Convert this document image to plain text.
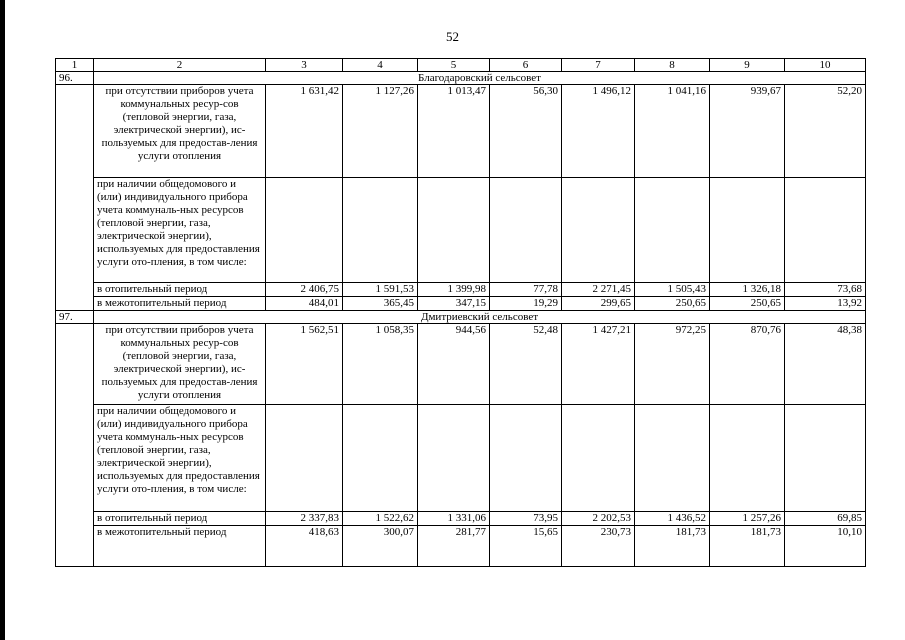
52
1	2	3	4	5	6	7	8	9	10
96.	Благодаровский сельсовет								
	при отсутствии приборов учета коммунальных ресур-сов (тепловой энергии, газа, электрической энергии), ис-пользуемых для предостав-ления услуги отопления	1 631,42	1 127,26	1 013,47	56,30	1 496,12	1 041,16	939,67	52,20
	при наличии общедомового и (или) индивидуального прибора учета коммуналь-ных ресурсов (тепловой энергии, газа, электрической энергии), используемых для предоставления услуги ото-пления, в том числе:								
	в отопительный период	2 406,75	1 591,53	1 399,98	77,78	2 271,45	1 505,43	1 326,18	73,68
	в межотопительный период	484,01	365,45	347,15	19,29	299,65	250,65	250,65	13,92
97.	Дмитриевский сельсовет								
	при отсутствии приборов учета коммунальных ресур-сов (тепловой энергии, газа, электрической энергии), ис-пользуемых для предостав-ления услуги отопления	1 562,51	1 058,35	944,56	52,48	1 427,21	972,25	870,76	48,38
	при наличии общедомового и (или) индивидуального прибора учета коммуналь-ных ресурсов (тепловой энергии, газа, электрической энергии), используемых для предоставления услуги ото-пления, в том числе:								
	в отопительный период	2 337,83	1 522,62	1 331,06	73,95	2 202,53	1 436,52	1 257,26	69,85
	в межотопительный период	418,63	300,07	281,77	15,65	230,73	181,73	181,73	10,10
